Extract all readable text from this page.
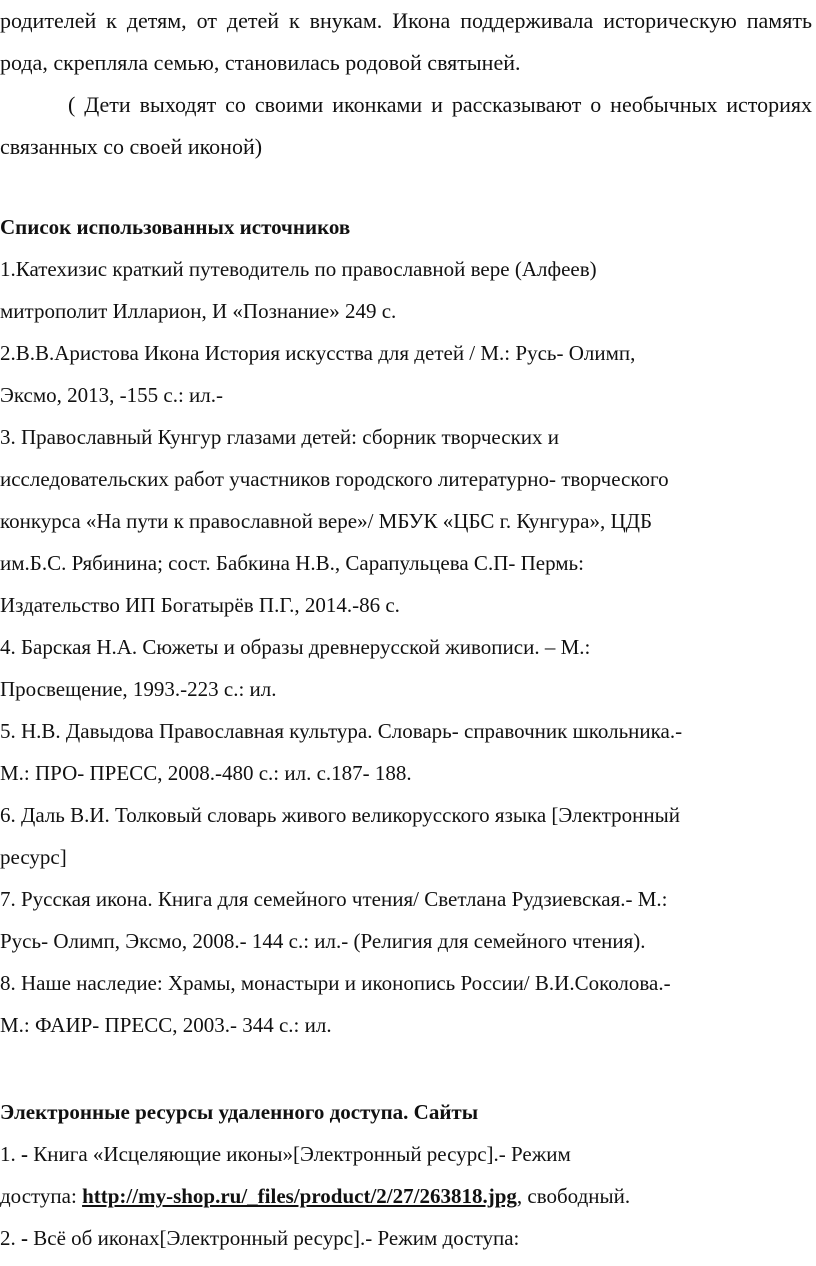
родителей к детям, от детей к внукам. Икона поддерживала историческую память рода, скрепляла семью, становилась родовой святыней.

( Дети выходят со своими иконками и рассказывают о необычных историях связанных со своей иконой)

Список использованных источников
1.Катехизис краткий путеводитель по православной вере (Алфеев)
митрополит Илларион, И «Познание» 249 с.
2.В.В.Аристова Икона История искусства для детей / М.: Русь- Олимп,
Эксмо, 2013, -155 с.: ил.-
3. Православный Кунгур глазами детей: сборник творческих и
исследовательских работ участников городского литературно- творческого
конкурса «На пути к православной вере»/ МБУК «ЦБС г. Кунгура», ЦДБ
им.Б.С. Рябинина; сост. Бабкина Н.В., Сарапульцева С.П- Пермь:
Издательство ИП Богатырёв П.Г., 2014.-86 с.
4. Барская Н.А. Сюжеты и образы древнерусской живописи. – М.:
Просвещение, 1993.-223 с.: ил.
5. Н.В. Давыдова Православная культура. Словарь- справочник школьника.-
М.: ПРО- ПРЕСС, 2008.-480 с.: ил. с.187- 188.
6. Даль В.И. Толковый словарь живого великорусского языка [Электронный
ресурс]
7. Русская икона. Книга для семейного чтения/ Светлана Рудзиевская.- М.:
Русь- Олимп, Эксмо, 2008.- 144 с.: ил.- (Религия для семейного чтения).
8. Наше наследие: Храмы, монастыри и иконопись России/ В.И.Соколова.-
М.: ФАИР- ПРЕСС, 2003.- 344 с.: ил.
Электронные ресурсы удаленного доступа. Сайты
1. - Книга «Исцеляющие иконы»[Электронный ресурс].- Режим
доступа: http://my-shop.ru/_files/product/2/27/263818.jpg, свободный.
2. - Всё об иконах[Электронный ресурс].- Режим доступа:
